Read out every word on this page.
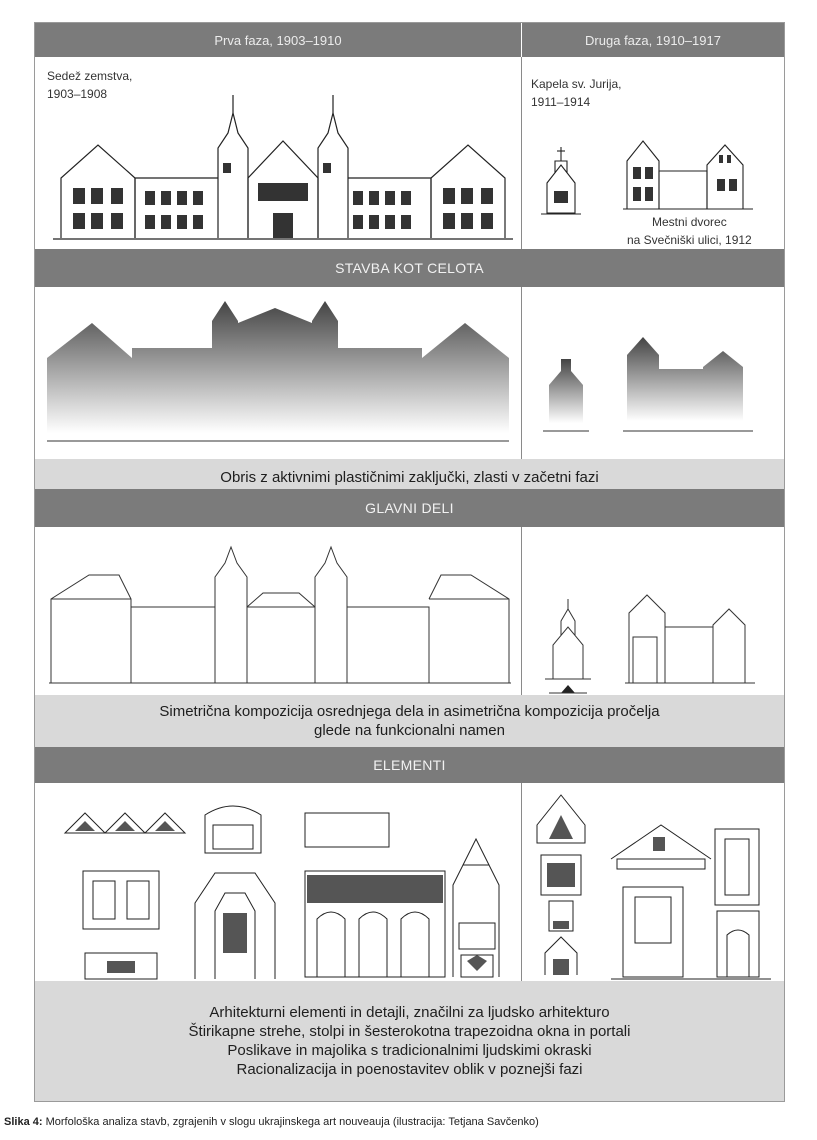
Prva faza, 1903–1910	Druga faza, 1910–1917
Sedež zemstva,
1903–1908
Kapela sv. Jurija,
1911–1914
Mestni dvorec
na Svečniški ulici, 1912
STAVBA KOT CELOTA
Obris z aktivnimi plastičnimi zaključki, zlasti v začetni fazi
GLAVNI DELI
Simetrična kompozicija osrednjega dela in asimetrična kompozicija pročelja
glede na funkcionalni namen
ELEMENTI
Arhitekturni elementi in detajli, značilni za ljudsko arhitekturo
Štirikapne strehe, stolpi in šesterokotna trapezoidna okna in portali
Poslikave in majolika s tradicionalnimi ljudskimi okraski
Racionalizacija in poenostavitev oblik v poznejši fazi
Slika 4: Morfološka analiza stavb, zgrajenih v slogu ukrajinskega art nouveauja (ilustracija: Tetjana Savčenko)
